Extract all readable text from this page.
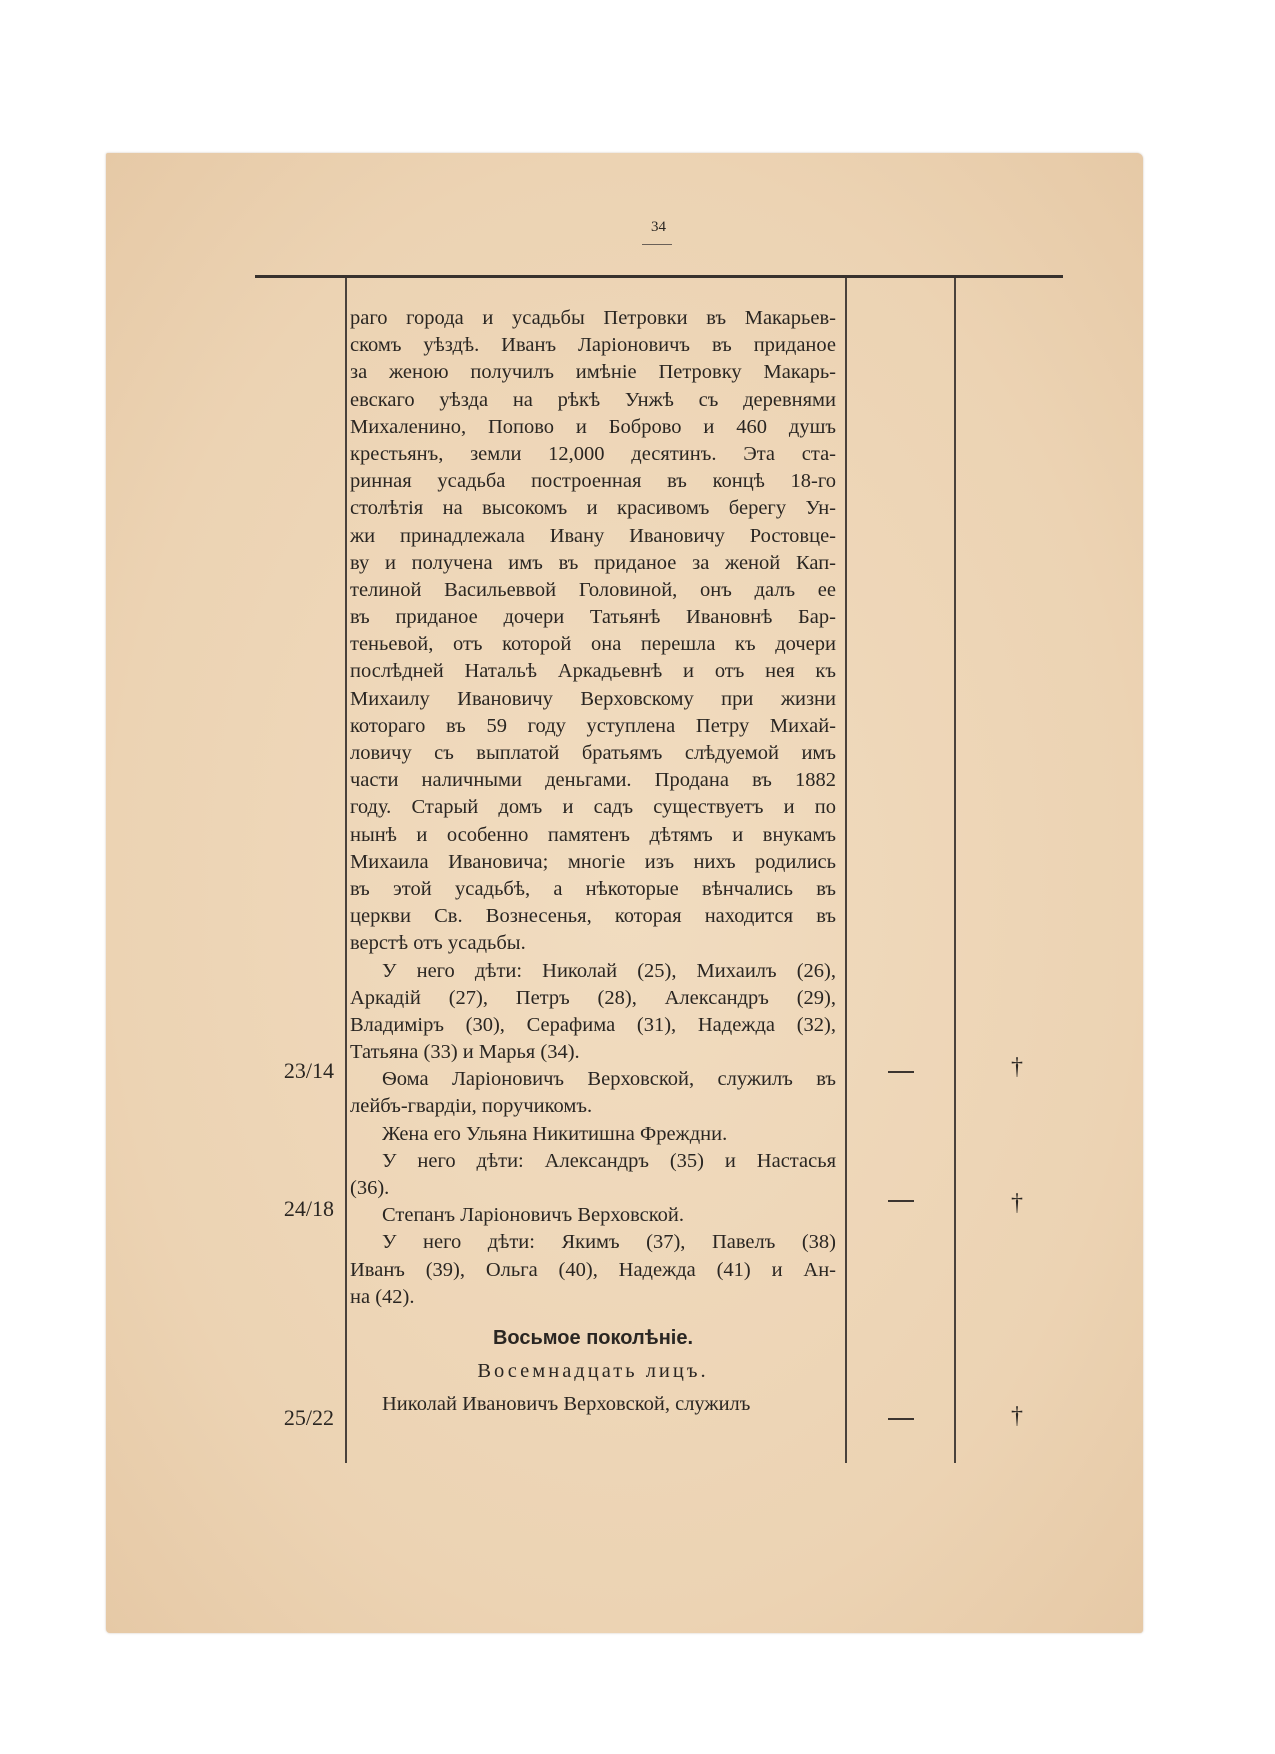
34
раго города и усадьбы Петровки въ Макарьев-
скомъ уѣздѣ. Иванъ Ларіоновичъ въ приданое
за женою получилъ имѣніе Петровку Макарь-
евскаго уѣзда на рѣкѣ Унжѣ съ деревнями
Михаленино, Попово и Боброво и 460 душъ
крестьянъ, земли 12,000 десятинъ. Эта ста-
ринная усадьба построенная въ концѣ 18-го
столѣтія на высокомъ и красивомъ берегу Ун-
жи принадлежала Ивану Ивановичу Ростовце-
ву и получена имъ въ приданое за женой Кап-
телиной Васильеввой Головиной, онъ далъ ее
въ приданое дочери Татьянѣ Ивановнѣ Бар-
теньевой, отъ которой она перешла къ дочери
послѣдней Натальѣ Аркадьевнѣ и отъ нея къ
Михаилу Ивановичу Верховскому при жизни
котораго въ 59 году уступлена Петру Михай-
ловичу съ выплатой братьямъ слѣдуемой имъ
части наличными деньгами. Продана въ 1882
году. Старый домъ и садъ существуетъ и по
нынѣ и особенно памятенъ дѣтямъ и внукамъ
Михаила Ивановича; многіе изъ нихъ родились
въ этой усадьбѣ, а нѣкоторые вѣнчались въ
церкви Св. Вознесенья, которая находится въ
верстѣ отъ усадьбы.
У него дѣти: Николай (25), Михаилъ (26),
Аркадій (27), Петръ (28), Александръ (29),
Владиміръ (30), Серафима (31), Надежда (32),
Татьяна (33) и Марья (34).
Ѳома Ларіоновичъ Верховской, служилъ въ
лейбъ-гвардіи, поручикомъ.
Жена его Ульяна Никитишна Фреждни.
У него дѣти: Александръ (35) и Настасья
(36).
Степанъ Ларіоновичъ Верховской.
У него дѣти: Якимъ (37), Павелъ (38)
Иванъ (39), Ольга (40), Надежда (41) и Ан-
на (42).
Восьмое поколѣніе.
Восемнадцать лицъ.
Николай Ивановичъ Верховской, служилъ
23/14
24/18
25/22
†
†
†
